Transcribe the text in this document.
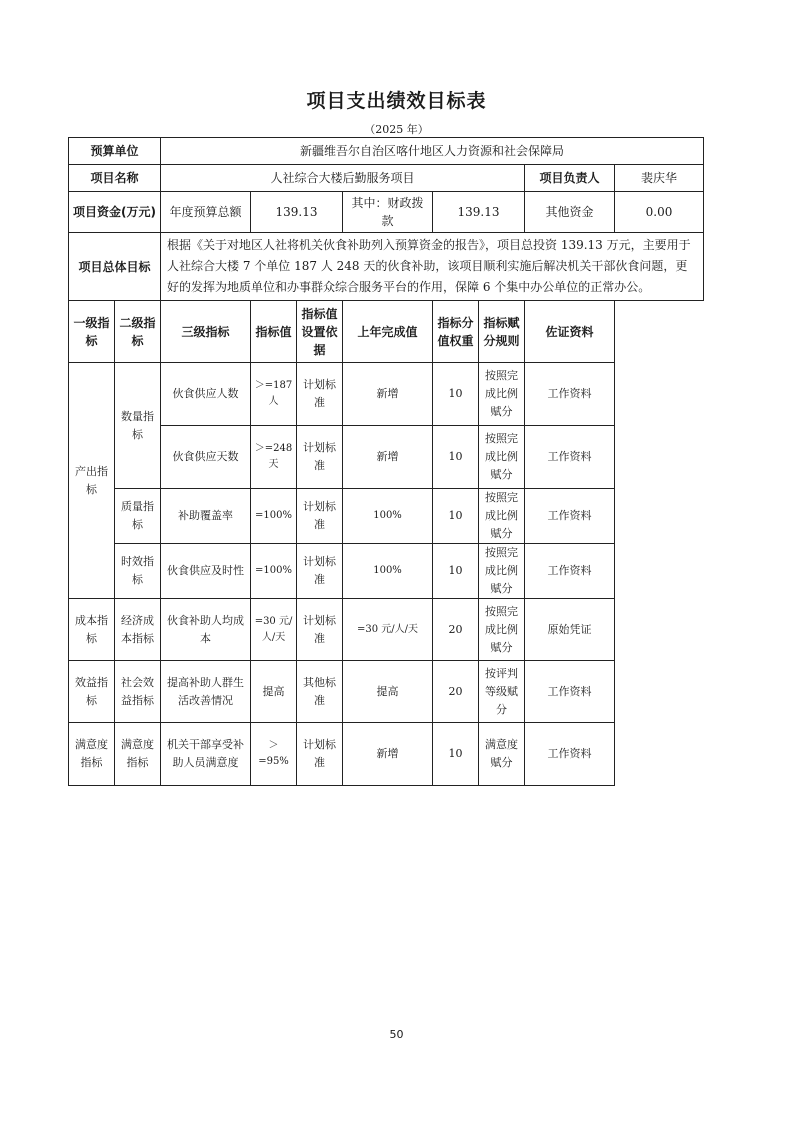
项目支出绩效目标表
（2025 年）
预算单位		新疆维吾尔自治区喀什地区人力资源和社会保障局							
项目名称		人社综合大楼后勤服务项目						项目负责人	裴庆华
项目资金(万元)		年度预算总额	139.13		其中：财政拨款	139.13		其他资金	0.00
项目总体目标		根据《关于对地区人社将机关伙食补助列入预算资金的报告》，项目总投资 139.13 万元，主要用于人社综合大楼 7 个单位 187 人 248 天的伙食补助，该项目顺利实施后解决机关干部伙食问题，更好的发挥为地质单位和办事群众综合服务平台的作用，保障 6 个集中办公单位的正常办公。							
一级指标	二级指标	三级指标	指标值	指标值设置依据	上年完成值	指标分值权重	指标赋分规则	佐证资料	
产出指标	数量指标	伙食供应人数	＞=187人	计划标准	新增	10	按照完成比例赋分	工作资料	
		伙食供应天数	＞=248天	计划标准	新增	10	按照完成比例赋分	工作资料	
	质量指标	补助覆盖率	=100%	计划标准	100%	10	按照完成比例赋分	工作资料	
	时效指标	伙食供应及时性	=100%	计划标准	100%	10	按照完成比例赋分	工作资料	
成本指标	经济成本指标	伙食补助人均成本	=30 元/人/天	计划标准	=30 元/人/天	20	按照完成比例赋分	原始凭证	
效益指标	社会效益指标	提高补助人群生活改善情况	提高	其他标准	提高	20	按评判等级赋分	工作资料	
满意度指标	满意度指标	机关干部享受补助人员满意度	＞=95%	计划标准	新增	10	满意度赋分	工作资料	
50
